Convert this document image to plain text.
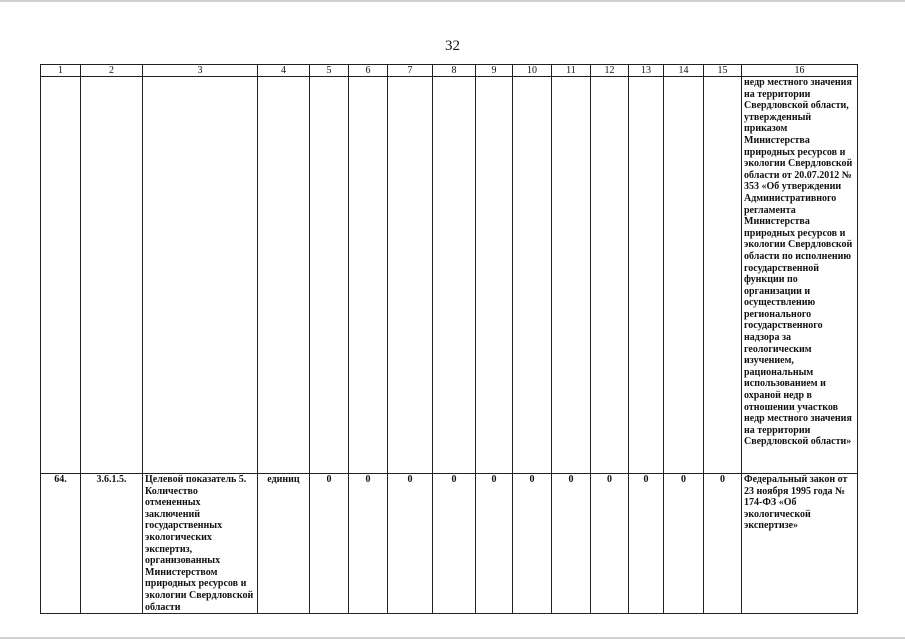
32
1	2	3	4	5	6	7	8	9	10	11	12	13	14	15	16
															недр местного значения на территории Свердловской области, утвержденный приказом Министерства природных ресурсов и экологии Свердловской области от 20.07.2012 № 353 «Об утверждении Административного регламента Министерства природных ресурсов и экологии Свердловской области по исполнению государственной функции по организации и осуществлению регионального государственного надзора за геологическим изучением, рациональным использованием и охраной недр в отношении участков недр местного значения на территории Свердловской области»
64.	3.6.1.5.	Целевой показатель 5. Количество отмененных заключений государственных экологических экспертиз, организованных Министерством природных ресурсов и экологии Свердловской области	единиц	0	0	0	0	0	0	0	0	0	0	0	Федеральный закон от 23 ноября 1995 года № 174-ФЗ «Об экологической экспертизе»
